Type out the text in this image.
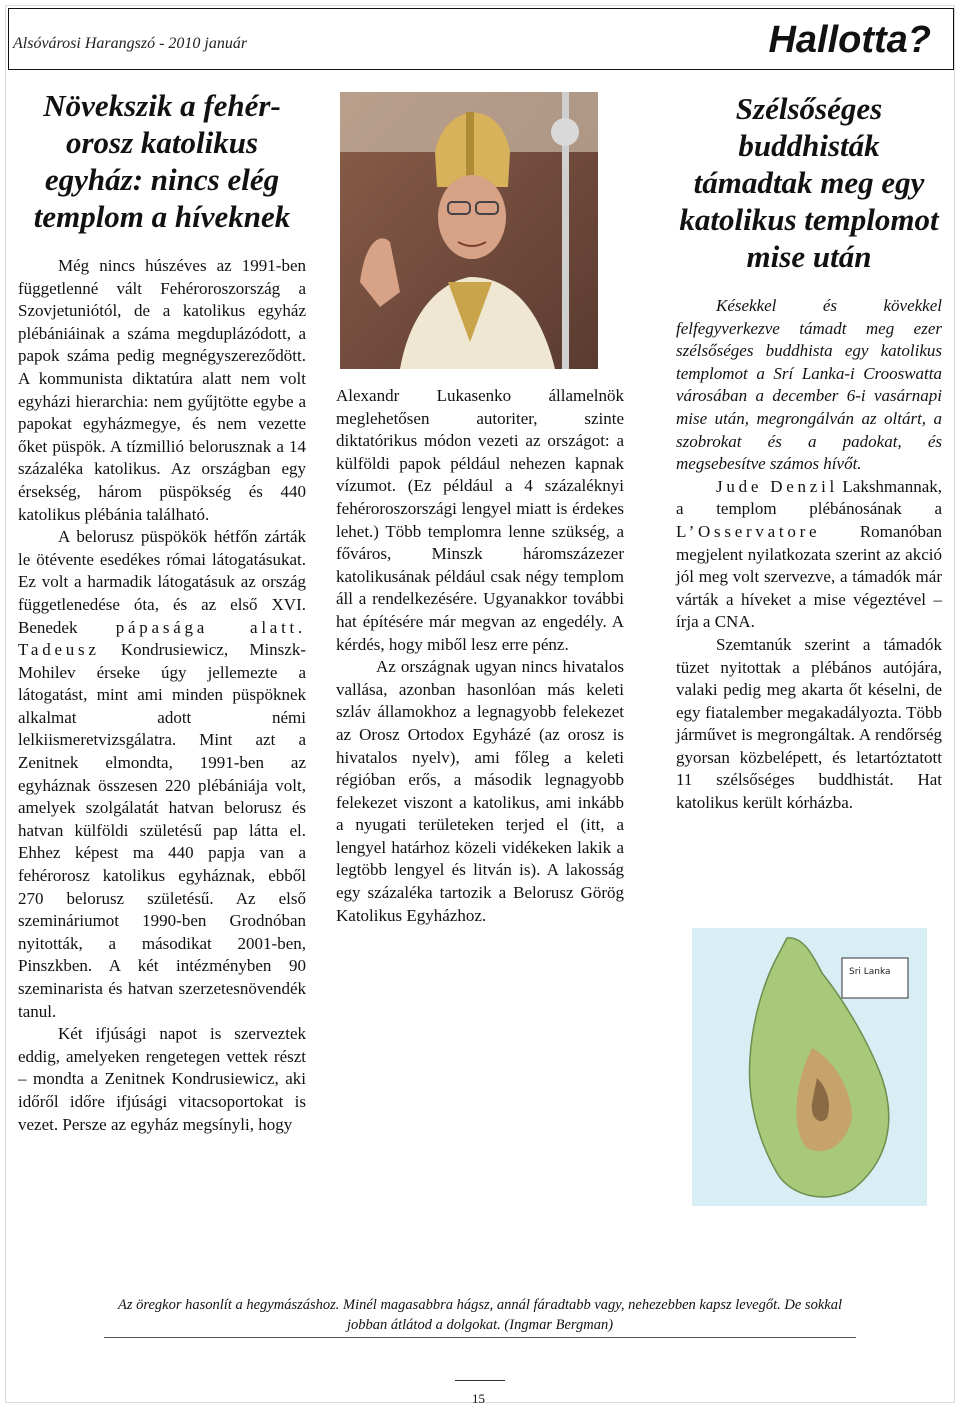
Alsóvárosi Harangszó - 2010 január	Hallotta?
Növekszik a fehér-orosz katolikus egyház: nincs elég templom a híveknek

Még nincs húszéves az 1991-ben függetlenné vált Fehéroroszország a Szovjetuniótól, de a katolikus egyház plébániáinak a száma megduplázódott, a papok száma pedig megnégyszereződött. A kommunista diktatúra alatt nem volt egyházi hierarchia: nem gyűjtötte egybe a papokat egyházmegye, és nem vezette őket püspök. A tízmillió belorusznak a 14 százaléka katolikus. Az országban egy érsekség, három püspökség és 440 katolikus plébánia található.

A belorusz püspökök hétfőn zárták le ötévente esedékes római látogatásukat. Ez volt a harmadik látogatásuk az ország függetlenedése óta, és az első XVI. Benedek pápasága alatt. Tadeusz Kondrusiewicz, Minszk-Mohilev érseke úgy jellemezte a látogatást, mint ami minden püspöknek alkalmat adott némi lelkiismeretvizsgálatra. Mint azt a Zenitnek elmondta, 1991-ben az egyháznak összesen 220 plébániája volt, amelyek szolgálatát hatvan belorusz és hatvan külföldi születésű pap látta el. Ehhez képest ma 440 papja van a fehérorosz katolikus egyháznak, ebből 270 belorusz születésű. Az első szemináriumot 1990-ben Grodnóban nyitották, a másodikat 2001-ben, Pinszkben. A két intézményben 90 szeminarista és hatvan szerzetesnövendék tanul.

Két ifjúsági napot is szerveztek eddig, amelyeken rengetegen vettek részt – mondta a Zenitnek Kondrusiewicz, aki időről időre ifjúsági vitacsoportokat is vezet. Persze az egyház megsínyli, hogy

Alexandr Lukasenko államelnök meglehetősen autoriter, szinte diktatórikus módon vezeti az országot: a külföldi papok például nehezen kapnak vízumot. (Ez például a 4 százaléknyi fehéroroszországi lengyel miatt is érdekes lehet.) Több templomra lenne szükség, a főváros, Minszk háromszázezer katolikusának például csak négy templom áll a rendelkezésére. Ugyanakkor további hat építésére már megvan az engedély. A kérdés, hogy miből lesz erre pénz.

Az országnak ugyan nincs hivatalos vallása, azonban hasonlóan más keleti szláv államokhoz a legnagyobb felekezet az Orosz Ortodox Egyházé (az orosz is hivatalos nyelv), ami főleg a keleti régióban erős, a második legnagyobb felekezet viszont a katolikus, ami inkább a nyugati területeken terjed el (itt, a lengyel határhoz közeli vidékeken lakik a legtöbb lengyel és litván is). A lakosság egy százaléka tartozik a Belorusz Görög Katolikus Egyházhoz.

Szélsőséges buddhisták támadtak meg egy katolikus templomot mise után

Késekkel és kövekkel felfegyverkezve támadt meg ezer szélsőséges buddhista egy katolikus templomot a Srí Lanka-i Crooswatta városában a december 6-i vasárnapi mise után, megrongálván az oltárt, a szobrokat és a padokat, és megsebesítve számos hívőt.

Jude Denzil Lakshmannak, a templom plébánosának a L’Osservatore Romanóban megjelent nyilatkozata szerint az akció jól meg volt szervezve, a támadók már várták a híveket a mise végeztével – írja a CNA.

Szemtanúk szerint a támadók tüzet nyitottak a plébános autójára, valaki pedig meg akarta őt késelni, de egy fiatalember megakadályozta. Több járművet is megrongáltak. A rendőrség gyorsan közbelépett, és letartóztatott 11 szélsőséges buddhistát. Hat katolikus került kórházba.

Sri Lanka
Az öregkor hasonlít a hegymászáshoz. Minél magasabbra hágsz, annál fáradtabb vagy, nehezebben kapsz levegőt. De sokkal jobban átlátod a dolgokat. (Ingmar Bergman)
15
